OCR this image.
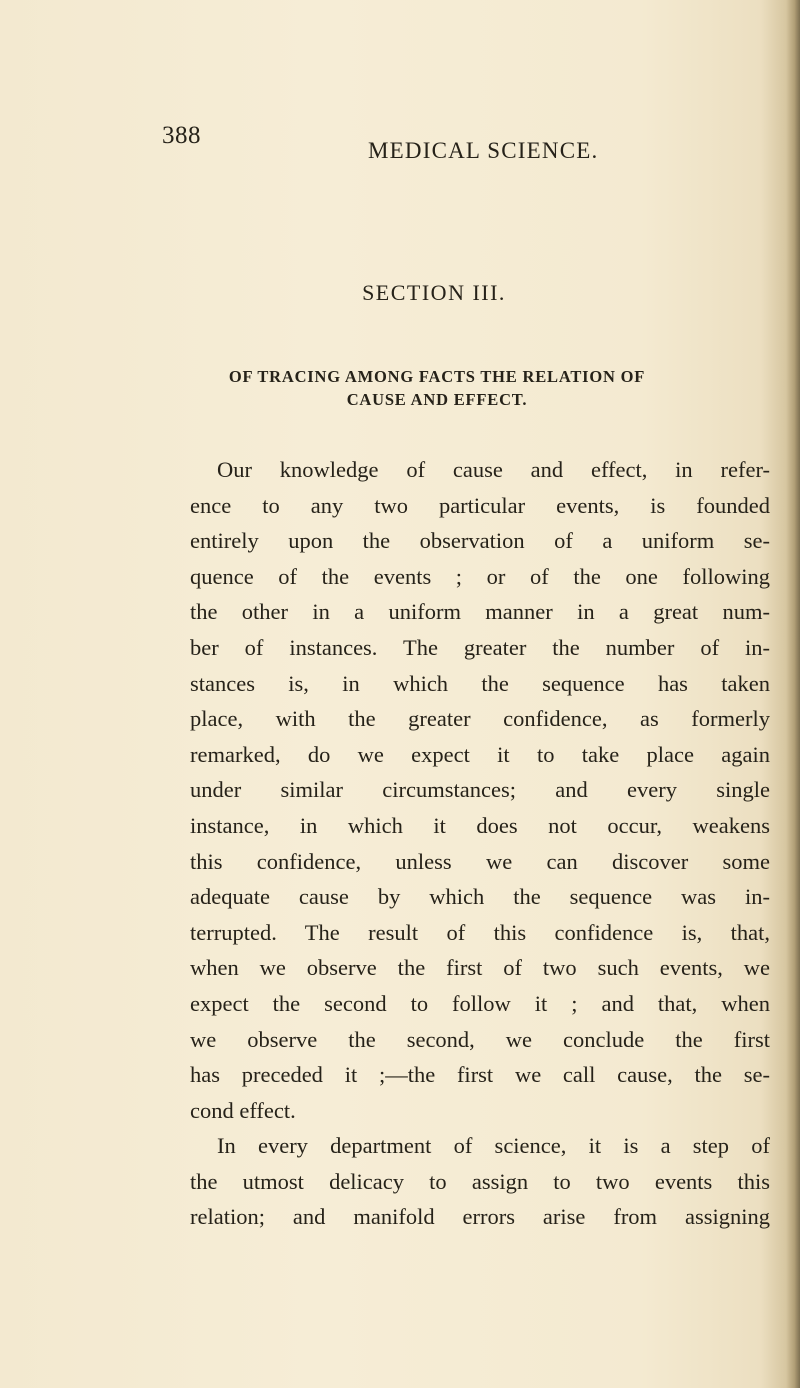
388
MEDICAL SCIENCE.
SECTION III.
OF TRACING AMONG FACTS THE RELATION OF
CAUSE AND EFFECT.
Our knowledge of cause and effect, in refer-
ence to any two particular events, is founded
entirely upon the observation of a uniform se-
quence of the events ; or of the one following
the other in a uniform manner in a great num-
ber of instances. The greater the number of in-
stances is, in which the sequence has taken
place, with the greater confidence, as formerly
remarked, do we expect it to take place again
under similar circumstances; and every single
instance, in which it does not occur, weakens
this confidence, unless we can discover some
adequate cause by which the sequence was in-
terrupted. The result of this confidence is, that,
when we observe the first of two such events, we
expect the second to follow it ; and that, when
we observe the second, we conclude the first
has preceded it ;—the first we call cause, the se-
cond effect.
In every department of science, it is a step of
the utmost delicacy to assign to two events this
relation; and manifold errors arise from assigning
